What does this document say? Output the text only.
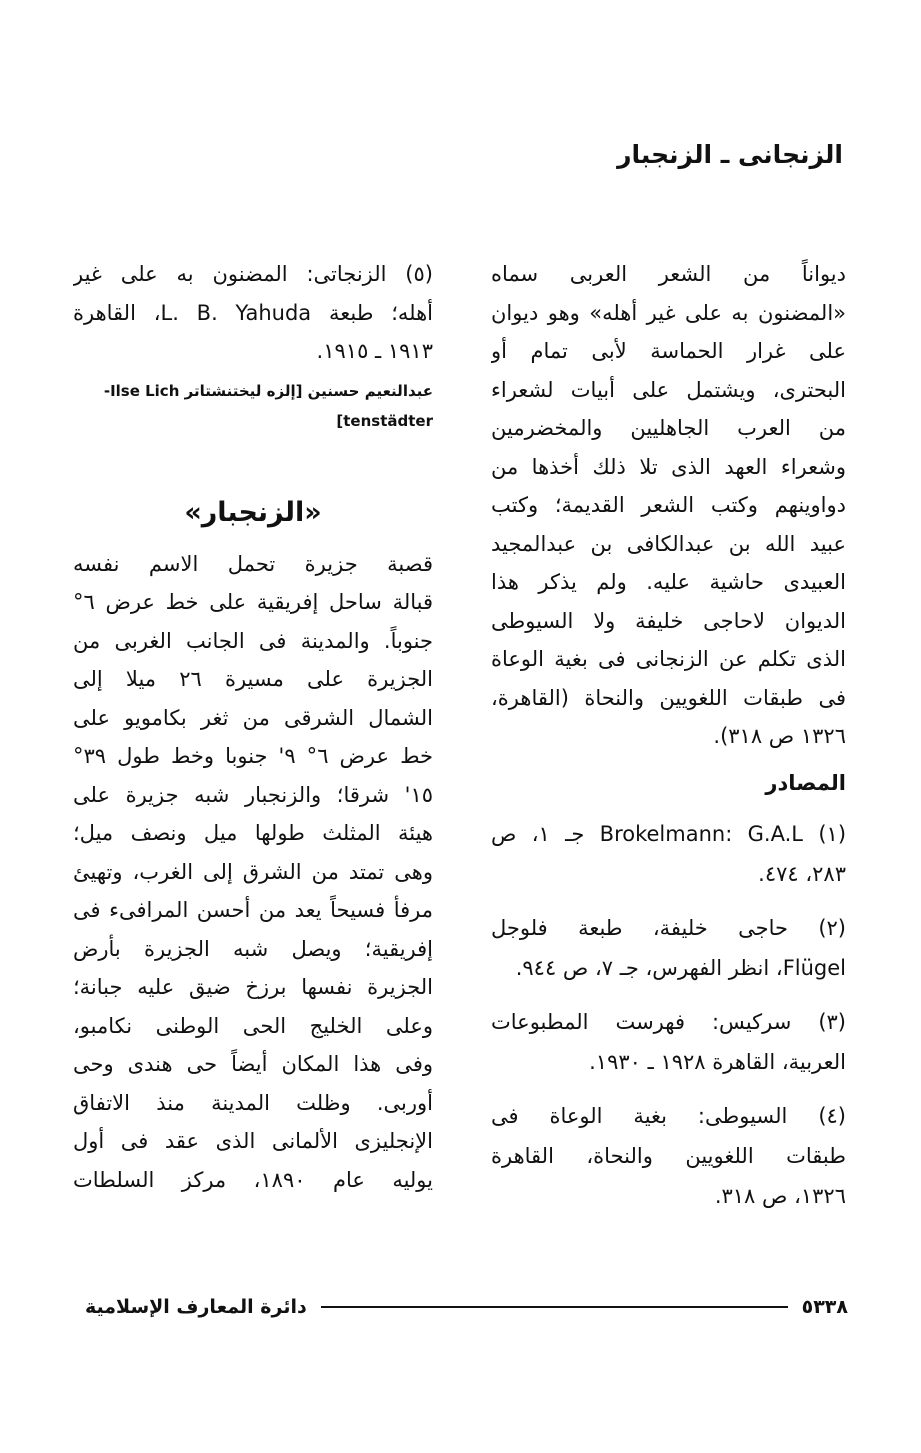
الزنجانى ـ الزنجبار
ديواناً من الشعر العربى سماه
«المضنون به على غير أهله» وهو ديوان
على غرار الحماسة لأبى تمام أو
البحترى، ويشتمل على أبيات لشعراء
من العرب الجاهليين والمخضرمين
وشعراء العهد الذى تلا ذلك أخذها من
دواوينهم وكتب الشعر القديمة؛ وكتب
عبيد الله بن عبدالكافى بن عبدالمجيد
العبيدى حاشية عليه. ولم يذكر هذا
الديوان لاحاجى خليفة ولا السيوطى
الذى تكلم عن الزنجانى فى بغية الوعاة
فى طبقات اللغويين والنحاة (القاهرة،
١٣٢٦ ص ٣١٨).
المصادر
(١) Brokelmann: G.A.L جـ ١، ص
٢٨٣، ٤٧٤.
(٢) حاجى خليفة، طبعة فلوجل
Flügel، انظر الفهرس، جـ ٧، ص ٩٤٤.
(٣) سركيس: فهرست المطبوعات
العربية، القاهرة ١٩٢٨ ـ ١٩٣٠.
(٤) السيوطى: بغية الوعاة فى
طبقات اللغويين والنحاة، القاهرة
١٣٢٦، ص ٣١٨.
(٥) الزنجاتى: المضنون به على غير
أهله؛ طبعة L. B. Yahuda، القاهرة
١٩١٣ ـ ١٩١٥.
عبدالنعيم حسنين [إلزه ليختنشتاتر Ilse Lich-
tenstädter]
«الزنجبار»
قصبة جزيرة تحمل الاسم نفسه
قبالة ساحل إفريقية على خط عرض ٦°
جنوباً. والمدينة فى الجانب الغربى من
الجزيرة على مسيرة ٢٦ ميلا إلى
الشمال الشرقى من ثغر بكامويو على
خط عرض ٦° ٩' جنوبا وخط طول ٣٩°
١٥' شرقا؛ والزنجبار شبه جزيرة على
هيئة المثلث طولها ميل ونصف ميل؛
وهى تمتد من الشرق إلى الغرب، وتهيئ
مرفأ فسيحاً يعد من أحسن المرافىء فى
إفريقية؛ ويصل شبه الجزيرة بأرض
الجزيرة نفسها برزخ ضيق عليه جبانة؛
وعلى الخليج الحى الوطنى نكامبو،
وفى هذا المكان أيضاً حى هندى وحى
أوربى. وظلت المدينة منذ الاتفاق
الإنجليزى الألمانى الذى عقد فى أول
يوليه عام ١٨٩٠، مركز السلطات
٥٣٣٨
دائرة المعارف الإسلامية
